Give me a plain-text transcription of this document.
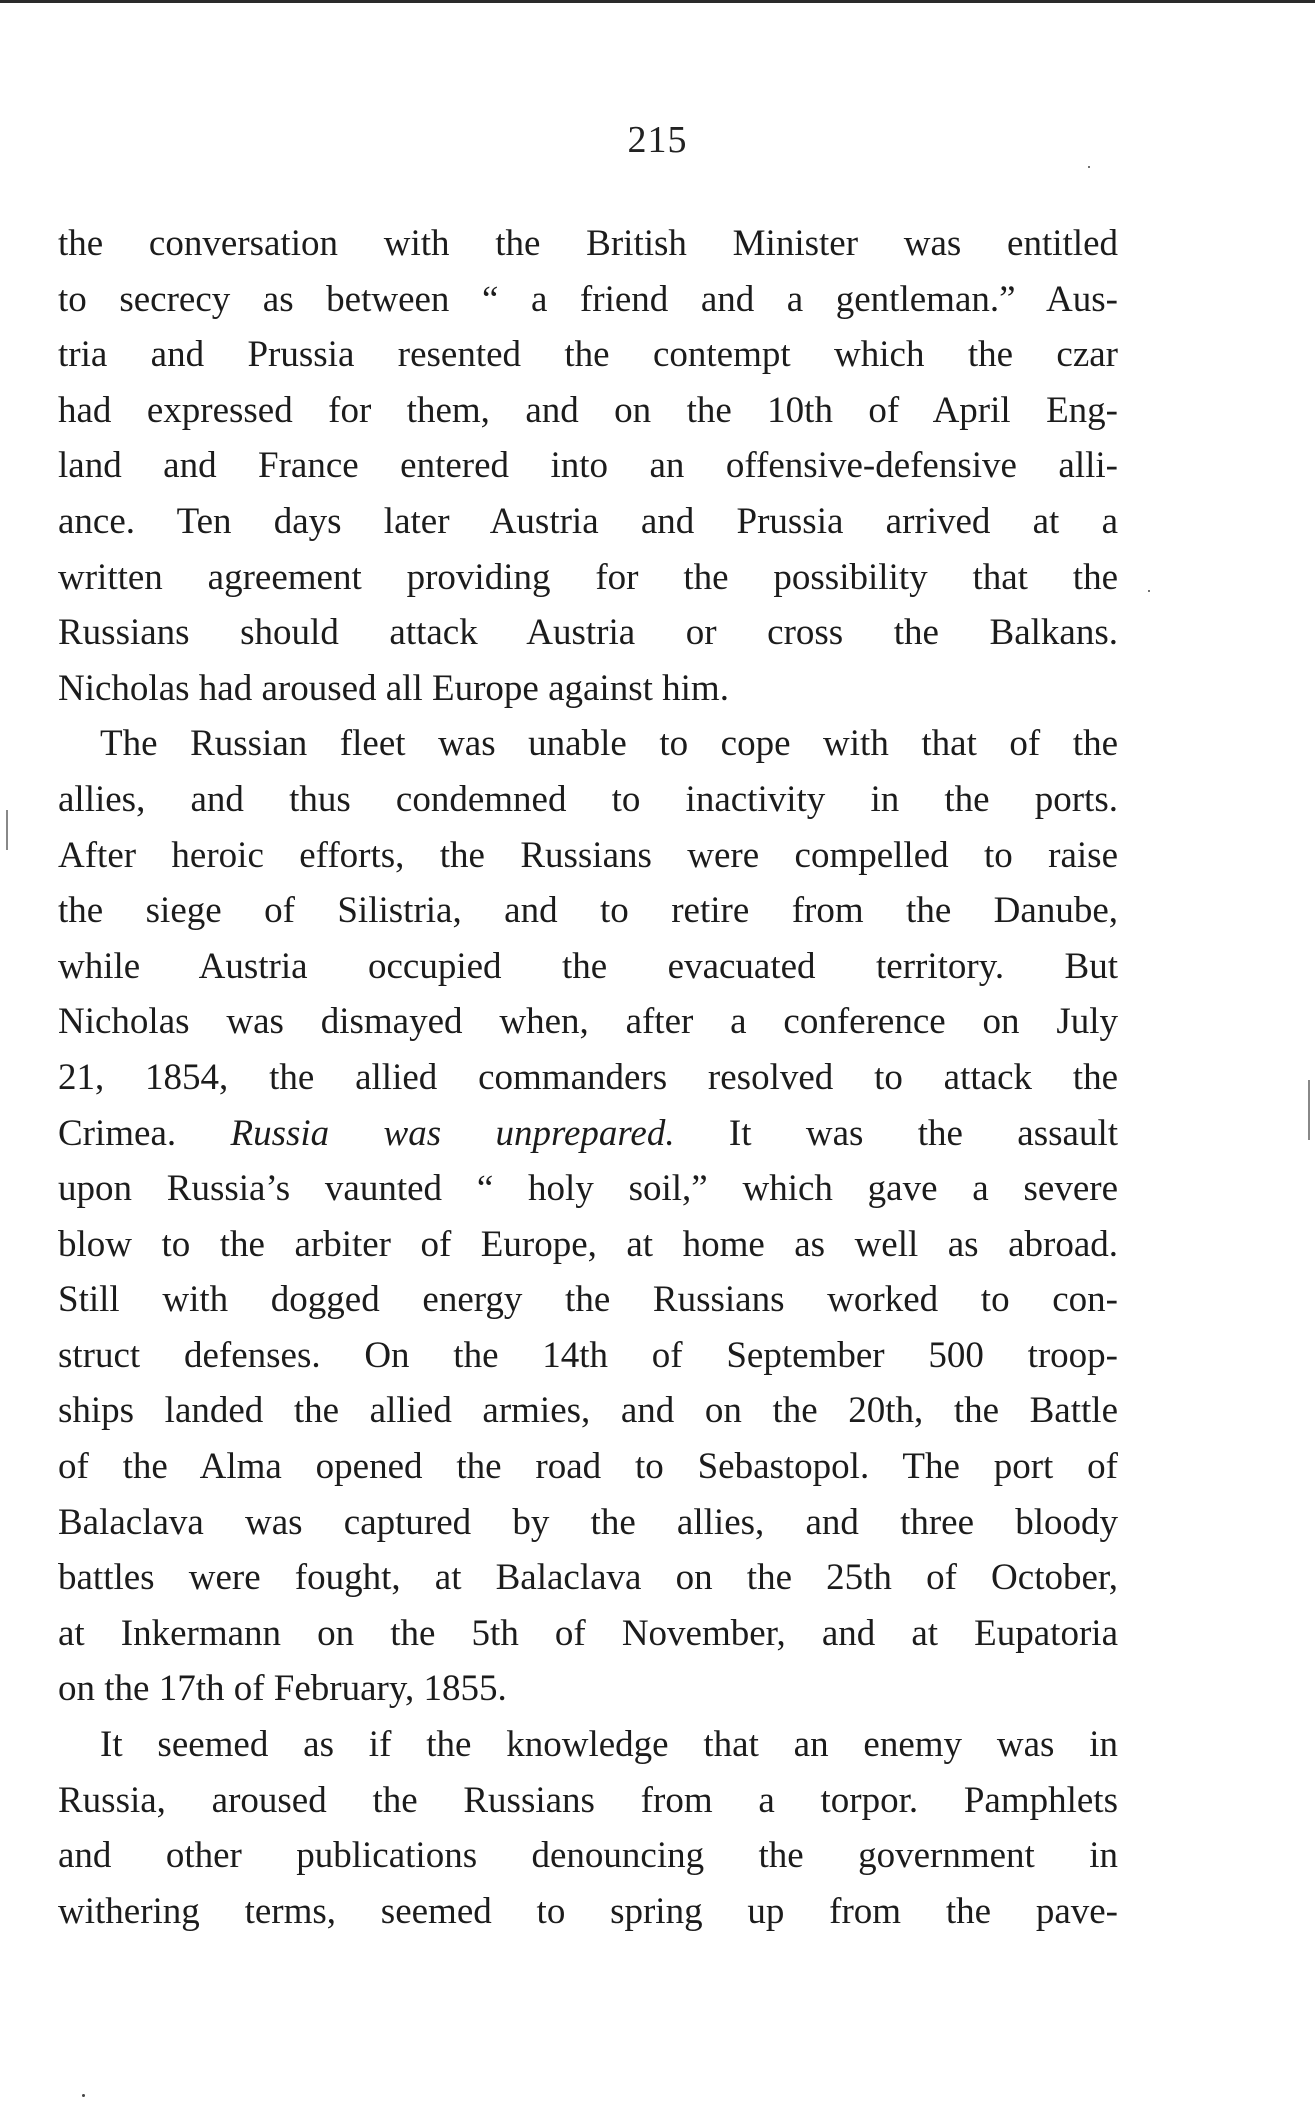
215
the conversation with the British Minister was entitled
to secrecy as between “ a friend and a gentleman.” Aus-
tria and Prussia resented the contempt which the czar
had expressed for them, and on the 10th of April Eng-
land and France entered into an offensive-defensive alli-
ance. Ten days later Austria and Prussia arrived at a
written agreement providing for the possibility that the
Russians should attack Austria or cross the Balkans.
Nicholas had aroused all Europe against him.
The Russian fleet was unable to cope with that of the
allies, and thus condemned to inactivity in the ports.
After heroic efforts, the Russians were compelled to raise
the siege of Silistria, and to retire from the Danube,
while Austria occupied the evacuated territory. But
Nicholas was dismayed when, after a conference on July
21, 1854, the allied commanders resolved to attack the
Crimea. Russia was unprepared. It was the assault
upon Russia’s vaunted “ holy soil,” which gave a severe
blow to the arbiter of Europe, at home as well as abroad.
Still with dogged energy the Russians worked to con-
struct defenses. On the 14th of September 500 troop-
ships landed the allied armies, and on the 20th, the Battle
of the Alma opened the road to Sebastopol. The port of
Balaclava was captured by the allies, and three bloody
battles were fought, at Balaclava on the 25th of October,
at Inkermann on the 5th of November, and at Eupatoria
on the 17th of February, 1855.
It seemed as if the knowledge that an enemy was in
Russia, aroused the Russians from a torpor. Pamphlets
and other publications denouncing the government in
withering terms, seemed to spring up from the pave-
